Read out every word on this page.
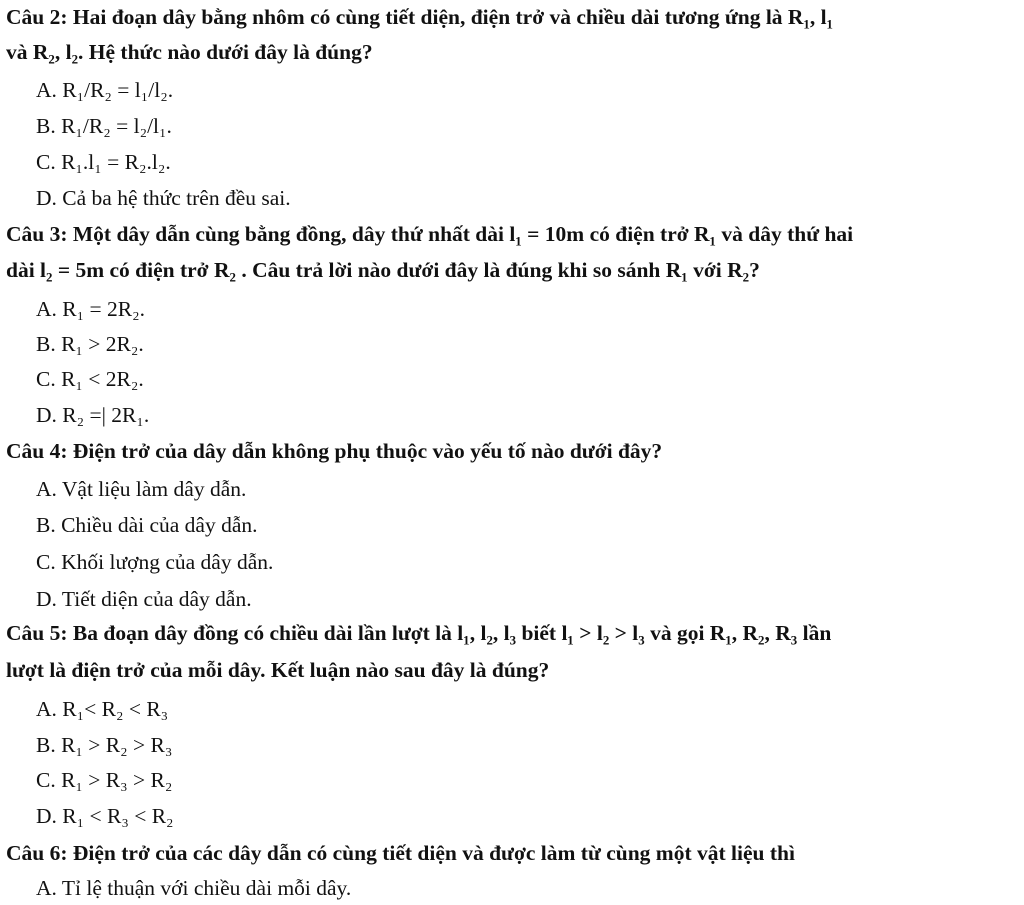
Câu 2: Hai đoạn dây bằng nhôm có cùng tiết diện, điện trở và chiều dài tương ứng là R₁, l₁
và R₂, l₂. Hệ thức nào dưới đây là đúng?
A. R₁/R₂ = l₁/l₂.
B. R₁/R₂ = l₂/l₁.
C. R₁.l₁ = R₂.l₂.
D. Cả ba hệ thức trên đều sai.
Câu 3: Một dây dẫn cùng bằng đồng, dây thứ nhất dài l₁ = 10m có điện trở R₁ và dây thứ hai
dài l₂ = 5m có điện trở R₂ . Câu trả lời nào dưới đây là đúng khi so sánh R₁ với R₂?
A. R₁ = 2R₂.
B. R₁ > 2R₂.
C. R₁ < 2R₂.
D. R₂ =| 2R₁.
Câu 4: Điện trở của dây dẫn không phụ thuộc vào yếu tố nào dưới đây?
A. Vật liệu làm dây dẫn.
B. Chiều dài của dây dẫn.
C. Khối lượng của dây dẫn.
D. Tiết diện của dây dẫn.
Câu 5: Ba đoạn dây đồng có chiều dài lần lượt là l₁, l₂, l₃ biết l₁ > l₂ > l₃ và gọi R₁, R₂, R₃ lần
lượt là điện trở của mỗi dây. Kết luận nào sau đây là đúng?
A. R₁< R₂ < R₃
B. R₁ > R₂ > R₃
C. R₁ > R₃ > R₂
D. R₁ < R₃ < R₂
Câu 6: Điện trở của các dây dẫn có cùng tiết diện và được làm từ cùng một vật liệu thì
A. Tỉ lệ thuận với chiều dài mỗi dây.
